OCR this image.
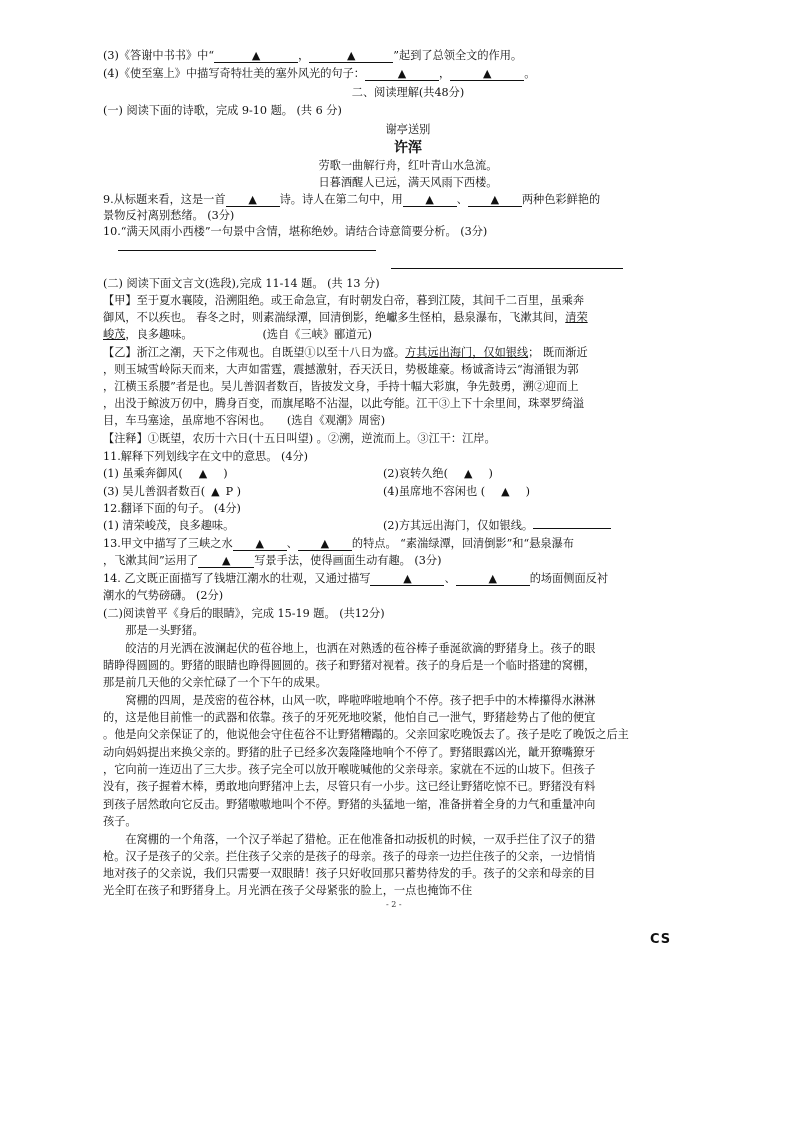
(3)《答谢中书书》中“	▲	，	▲	”起到了总领全文的作用。
(4)《使至塞上》中描写奇特壮美的塞外风光的句子：	▲	，	▲	。
二、阅读理解(共48分)
(一) 阅读下面的诗歌，完成 9-10 题。 (共 6 分)
谢亭送别
许浑
劳歌一曲解行舟，红叶青山水急流。
日暮酒醒人已远，满天风雨下西楼。
9.从标题来看，这是一首 ▲ 诗。诗人在第二句中，用 ▲ 、 ▲ 两种色彩鲜艳的
景物反衬离别愁绪。 (3分)
10.“满天风雨小西楼”一句景中含情，堪称绝妙。请结合诗意简要分析。 (3分)
(二) 阅读下面文言文(选段),完成 11-14 题。 (共 13 分)
【甲】至于夏水襄陵，沿溯阻绝。或王命急宣，有时朝发白帝，暮到江陵，其间千二百里，虽乘奔
御风，不以疾也。 春冬之时，则素湍绿潭，回清倒影，绝巘多生怪柏，悬泉瀑布，飞漱其间，清荣
峻茂，良多趣味。	(选自《三峡》郦道元)
【乙】浙江之潮，天下之伟观也。自既望①以至十八日为盛。方其远出海门，仅如银线； 既而渐近
，则玉城雪岭际天而来，大声如雷霆，震撼激射，吞天沃日，势极雄豪。杨诚斋诗云“海涌银为郭
，江横玉系腰”者是也。吴儿善泅者数百，皆披发文身，手持十幅大彩旗，争先鼓勇，溯②迎而上
，出没于鲸波万仞中，腾身百变，而旗尾略不沾湿，以此夸能。江干③上下十余里间，珠翠罗绮溢
目，车马塞途，虽席地不容闲也。 (选自《观潮》周密)
【注释】①既望，农历十六日(十五日叫望) 。②溯，逆流而上。③江干：江岸。
11.解释下列划线字在文中的意思。 (4分)
(1) 虽乘奔御风( ▲ )	(2)哀转久绝( ▲ )
(3) 吴儿善泅者数百( ▲ P )	(4)虽席地不容闲也 ( ▲ )
12.翻译下面的句子。 (4分)
(1) 清荣峻茂，良多趣味。	(2)方其远出海门，仅如银线。
13.甲文中描写了三峡之水 ▲ 、 ▲ 的特点。 “素湍绿潭，回清倒影”和“悬泉瀑布
，飞漱其间”运用了 ▲ 写景手法，使得画面生动有趣。 (3分)
14. 乙文既正面描写了钱塘江潮水的壮观，又通过描写	▲	、	▲	的场面侧面反衬
潮水的气势磅礴。 (2分)
(二)阅读曾平《身后的眼睛》，完成 15-19 题。 (共12分)
那是一头野猪。
皎洁的月光洒在波澜起伏的苞谷地上，也洒在对熟透的苞谷棒子垂涎欲滴的野猪身上。孩子的眼
睛睁得圆圆的。野猪的眼睛也睁得圆圆的。孩子和野猪对视着。孩子的身后是一个临时搭建的窝棚，
那是前几天他的父亲忙碌了一个下午的成果。
窝棚的四周，是茂密的苞谷林，山风一吹，哗啦哗啦地响个不停。孩子把手中的木棒攥得水淋淋
的，这是他目前惟一的武器和依靠。孩子的牙死死地咬紧，他怕自己一泄气，野猪趁势占了他的便宜
。他是向父亲保证了的，他说他会守住苞谷不让野猪糟蹋的。父亲回家吃晚饭去了。孩子是吃了晚饭之后主
动向妈妈提出来换父亲的。野猪的肚子已经多次轰隆隆地响个不停了。野猪眼露凶光，龇开獠嘴獠牙
，它向前一连迈出了三大步。孩子完全可以放开喉咙喊他的父亲母亲。家就在不远的山坡下。但孩子
没有，孩子握着木棒，勇敢地向野猪冲上去，尽管只有一小步。这已经让野猪吃惊不已。野猪没有料
到孩子居然敢向它反击。野猪嗷嗷地叫个不停。野猪的头猛地一缩，准备拼着全身的力气和重量冲向
孩子。
在窝棚的一个角落，一个汉子举起了猎枪。正在他准备扣动扳机的时候，一双手拦住了汉子的猎
枪。汉子是孩子的父亲。拦住孩子父亲的是孩子的母亲。孩子的母亲一边拦住孩子的父亲，一边悄悄
地对孩子的父亲说，我们只需要一双眼睛！孩子只好收回那只蓄势待发的手。孩子的父亲和母亲的目
光全盯在孩子和野猪身上。月光洒在孩子父母紧张的脸上，一点也掩饰不住
- 2 -
CS
